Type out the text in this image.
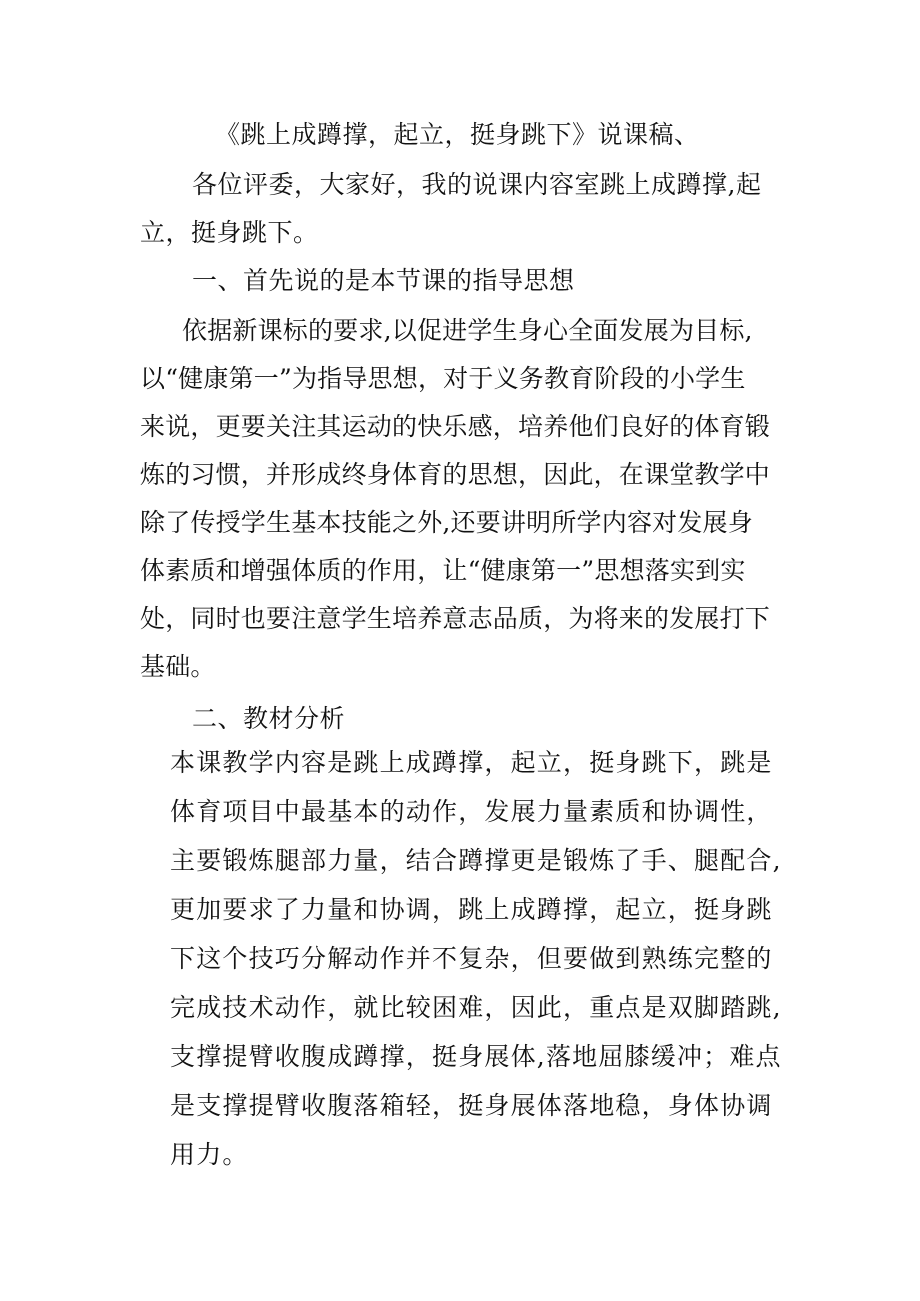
《跳上成蹲撑，起立，挺身跳下》说课稿、
各位评委，大家好，我的说课内容室跳上成蹲撑,起
立，挺身跳下。
一、首先说的是本节课的指导思想
依据新课标的要求,以促进学生身心全面发展为目标,
以“健康第一”为指导思想，对于义务教育阶段的小学生
来说，更要关注其运动的快乐感，培养他们良好的体育锻
炼的习惯，并形成终身体育的思想，因此，在课堂教学中
除了传授学生基本技能之外,还要讲明所学内容对发展身
体素质和增强体质的作用，让“健康第一”思想落实到实
处，同时也要注意学生培养意志品质，为将来的发展打下
基础。
二、教材分析
本课教学内容是跳上成蹲撑，起立，挺身跳下，跳是
体育项目中最基本的动作，发展力量素质和协调性，
主要锻炼腿部力量，结合蹲撑更是锻炼了手、腿配合,
更加要求了力量和协调，跳上成蹲撑，起立，挺身跳
下这个技巧分解动作并不复杂，但要做到熟练完整的
完成技术动作，就比较困难，因此，重点是双脚踏跳,
支撑提臂收腹成蹲撑，挺身展体,落地屈膝缓冲；难点
是支撑提臂收腹落箱轻，挺身展体落地稳，身体协调
用力。
